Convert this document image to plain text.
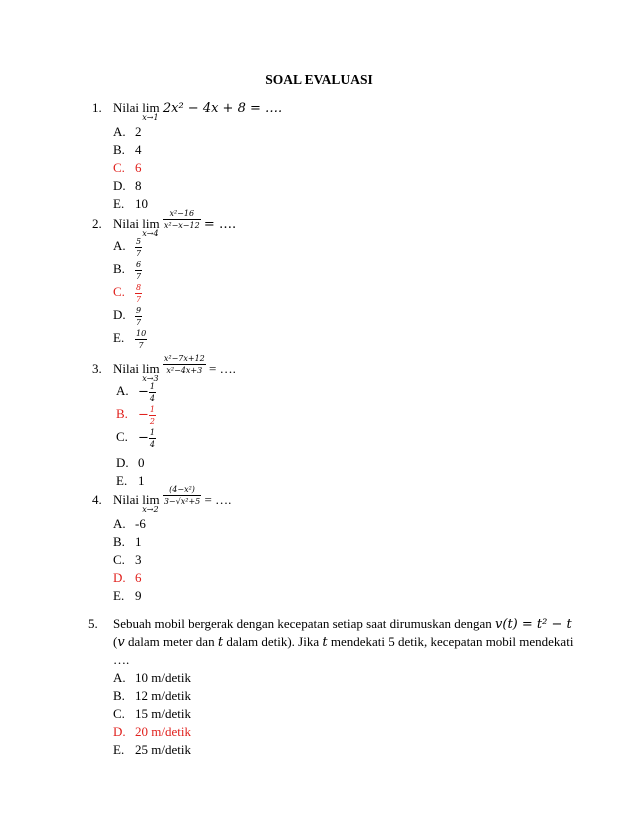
SOAL EVALUASI
1. Nilai lim
x→1
2x² − 4x + 8 = ….
A. 2
B. 4
C. 6
D. 8
E. 10
2. Nilai lim
x→4

$\frac{\text{x²−16}}{\text{x²−x−12}}$ = ….
A. $\frac{5}{7}$
B. $\frac{6}{7}$
C. $\frac{8}{7}$
D. $\frac{9}{7}$
E. $\frac{10}{7}$
3. Nilai lim
x→3

$\frac{\text{x²−7x+12}}{\text{x²−4x+3}}$ = ….
A. − $\frac{1}{4}$
B. − $\frac{1}{2}$
C. − $\frac{1}{4}$
D. 0
E. 1
4. Nilai lim
x→2

$\frac{\text{(4−x²)}}{\text{3−√x²+5}}$ = ….
A. -6
B. 1
C. 3
D. 6
E. 9
5. Sebuah mobil bergerak dengan kecepatan setiap saat dirumuskan dengan v(t) = t² − t
(v dalam meter dan t dalam detik). Jika t mendekati 5 detik, kecepatan mobil mendekati
….
A. 10 m/detik
B. 12 m/detik
C. 15 m/detik
D. 20 m/detik
E. 25 m/detik
